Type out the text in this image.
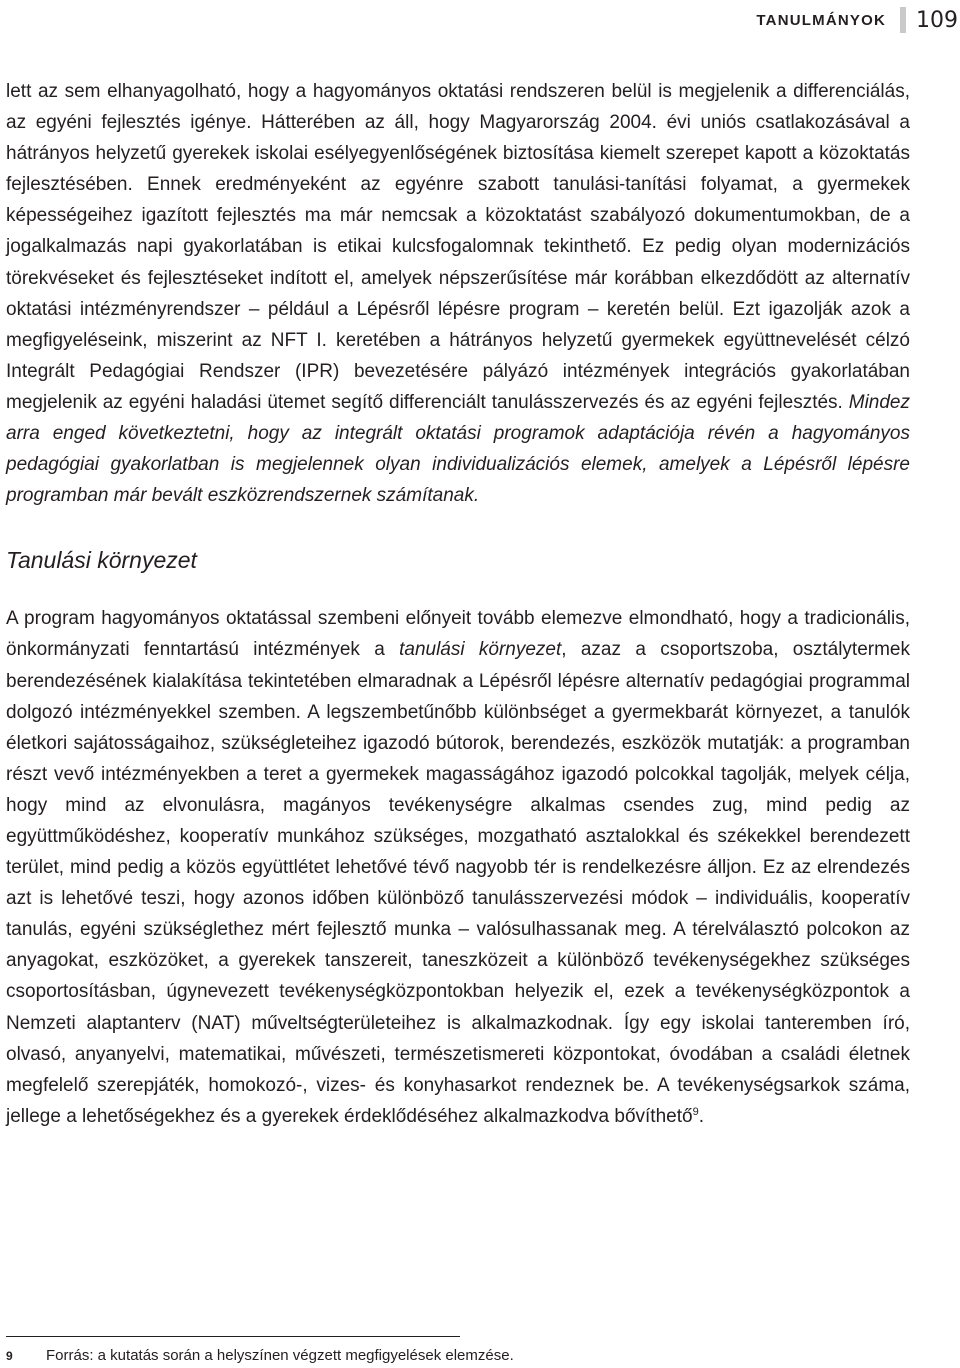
TANULMÁNYOK 109

lett az sem elhanyagolható, hogy a hagyományos oktatási rendszeren belül is megjelenik a differenciálás, az egyéni fejlesztés igénye. Hátterében az áll, hogy Magyarország 2004. évi uniós csatlakozásával a hátrányos helyzetű gyerekek iskolai esélyegyenlőségének biztosítása kiemelt szerepet kapott a közoktatás fejlesztésében. Ennek eredményeként az egyénre szabott tanulási-tanítási folyamat, a gyermekek képességeihez igazított fejlesztés ma már nemcsak a közoktatást szabályozó dokumentumokban, de a jogalkalmazás napi gyakorlatában is etikai kulcsfogalomnak tekinthető. Ez pedig olyan modernizációs törekvéseket és fejlesztéseket indított el, amelyek népszerűsítése már korábban elkezdődött az alternatív oktatási intézményrendszer – például a Lépésről lépésre program – keretén belül. Ezt igazolják azok a megfigyeléseink, miszerint az NFT I. keretében a hátrányos helyzetű gyermekek együttnevelését célzó Integrált Pedagógiai Rendszer (IPR) bevezetésére pályázó intézmények integrációs gyakorlatában megjelenik az egyéni haladási ütemet segítő differenciált tanulásszervezés és az egyéni fejlesztés. Mindez arra enged következtetni, hogy az integrált oktatási programok adaptációja révén a hagyományos pedagógiai gyakorlatban is megjelennek olyan individualizációs elemek, amelyek a Lépésről lépésre programban már bevált eszközrendszernek számítanak.

Tanulási környezet

A program hagyományos oktatással szembeni előnyeit tovább elemezve elmondható, hogy a tradicionális, önkormányzati fenntartású intézmények a tanulási környezet, azaz a csoportszoba, osztálytermek berendezésének kialakítása tekintetében elmaradnak a Lépésről lépésre alternatív pedagógiai programmal dolgozó intézményekkel szemben. A legszembetűnőbb különbséget a gyermekbarát környezet, a tanulók életkori sajátosságaihoz, szükségleteihez igazodó bútorok, berendezés, eszközök mutatják: a programban részt vevő intézményekben a teret a gyermekek magasságához igazodó polcokkal tagolják, melyek célja, hogy mind az elvonulásra, magányos tevékenységre alkalmas csendes zug, mind pedig az együttműködéshez, kooperatív munkához szükséges, mozgatható asztalokkal és székekkel berendezett terület, mind pedig a közös együttlétet lehetővé tévő nagyobb tér is rendelkezésre álljon. Ez az elrendezés azt is lehetővé teszi, hogy azonos időben különböző tanulásszervezési módok – individuális, kooperatív tanulás, egyéni szükséglethez mért fejlesztő munka – valósulhassanak meg. A térelválasztó polcokon az anyagokat, eszközöket, a gyerekek tanszereit, taneszközeit a különböző tevékenységekhez szükséges csoportosításban, úgynevezett tevékenységközpontokban helyezik el, ezek a tevékenységközpontok a Nemzeti alaptanterv (NAT) műveltségterületeihez is alkalmazkodnak. Így egy iskolai tanteremben író, olvasó, anyanyelvi, matematikai, művészeti, természetismereti központokat, óvodában a családi életnek megfelelő szerepjáték, homokozó-, vizes- és konyhasarkot rendeznek be. A tevékenységsarkok száma, jellege a lehetőségekhez és a gyerekek érdeklődéséhez alkalmazkodva bővíthető$^9$.

9 Forrás: a kutatás során a helyszínen végzett megfigyelések elemzése.
